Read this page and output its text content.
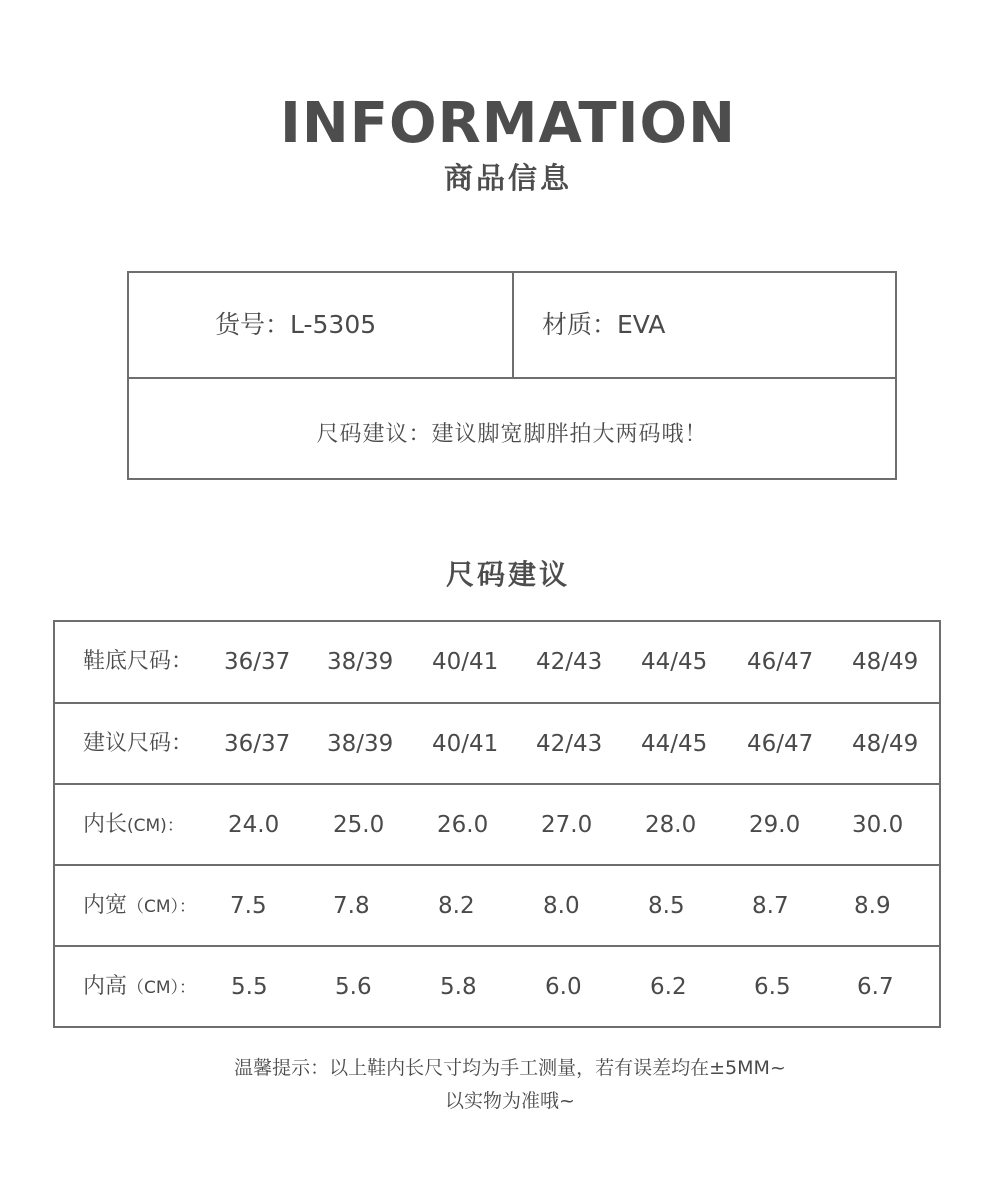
INFORMATION
商品信息
货号：L-5305	材质：EVA
尺码建议：建议脚宽脚胖拍大两码哦！
尺码建议
鞋底尺码： 36/37 38/39 40/41 42/43 44/45 46/47 48/49
建议尺码： 36/37 38/39 40/41 42/43 44/45 46/47 48/49
内长(CM)： 24.0 25.0 26.0 27.0 28.0 29.0 30.0
内宽（CM）： 7.5	7.8	8.2	8.0	8.5	8.7	8.9
内高（CM）： 5.5	5.6	5.8	6.0	6.2	6.5	6.7
温馨提示：以上鞋内长尺寸均为手工测量，若有误差均在±5MM~
以实物为准哦~
